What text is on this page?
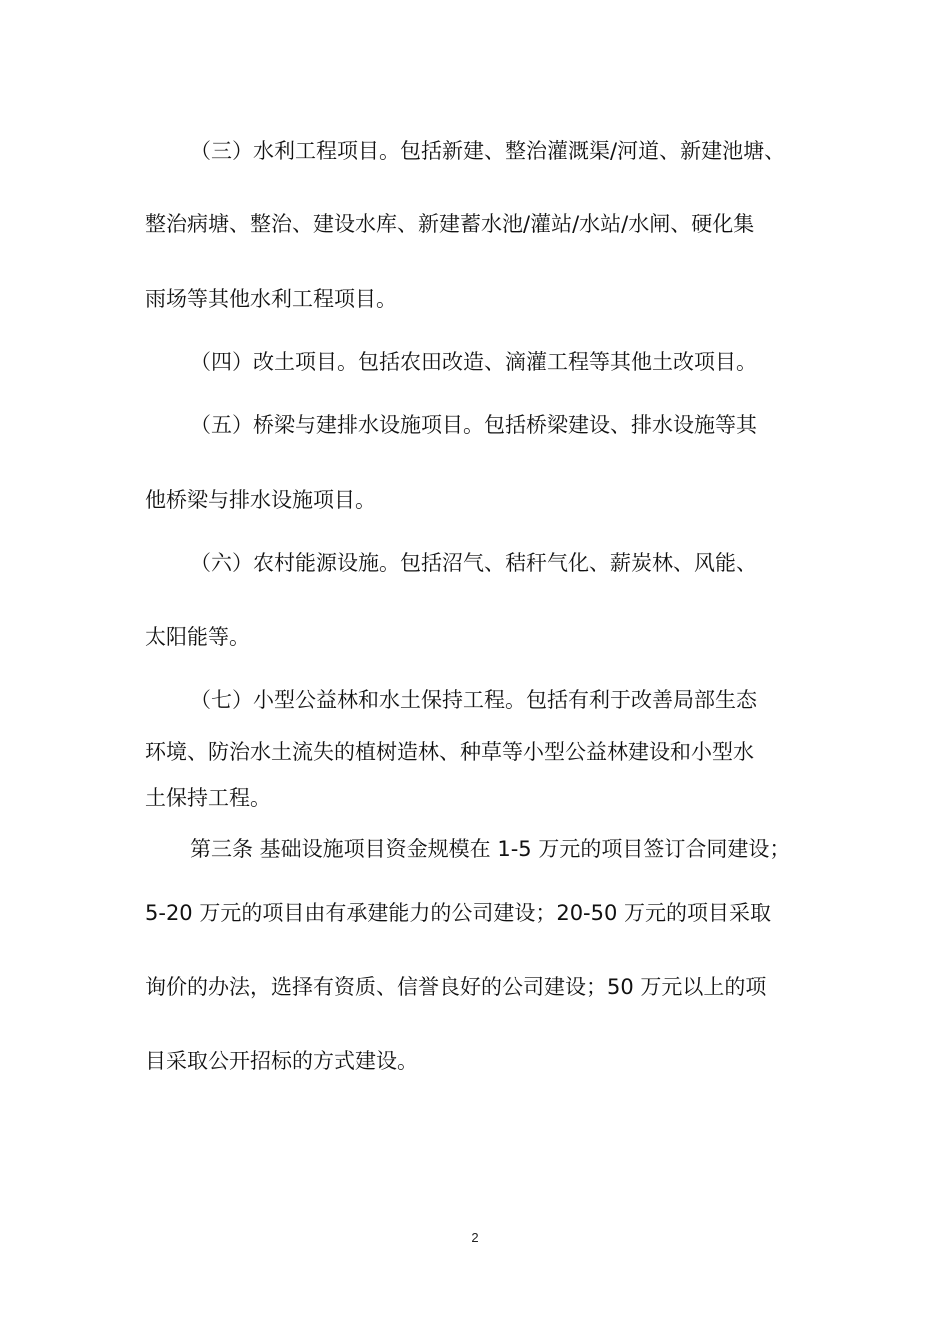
（三）水利工程项目。包括新建、整治灌溉渠/河道、新建池塘、

整治病塘、整治、建设水库、新建蓄水池/灌站/水站/水闸、硬化集

雨场等其他水利工程项目。

（四）改土项目。包括农田改造、滴灌工程等其他土改项目。

（五）桥梁与建排水设施项目。包括桥梁建设、排水设施等其

他桥梁与排水设施项目。

（六）农村能源设施。包括沼气、秸秆气化、薪炭林、风能、

太阳能等。

（七）小型公益林和水土保持工程。包括有利于改善局部生态

环境、防治水土流失的植树造林、种草等小型公益林建设和小型水

土保持工程。

第三条 基础设施项目资金规模在 1-5 万元的项目签订合同建设；

5-20 万元的项目由有承建能力的公司建设；20-50 万元的项目采取

询价的办法，选择有资质、信誉良好的公司建设；50 万元以上的项

目采取公开招标的方式建设。

2
